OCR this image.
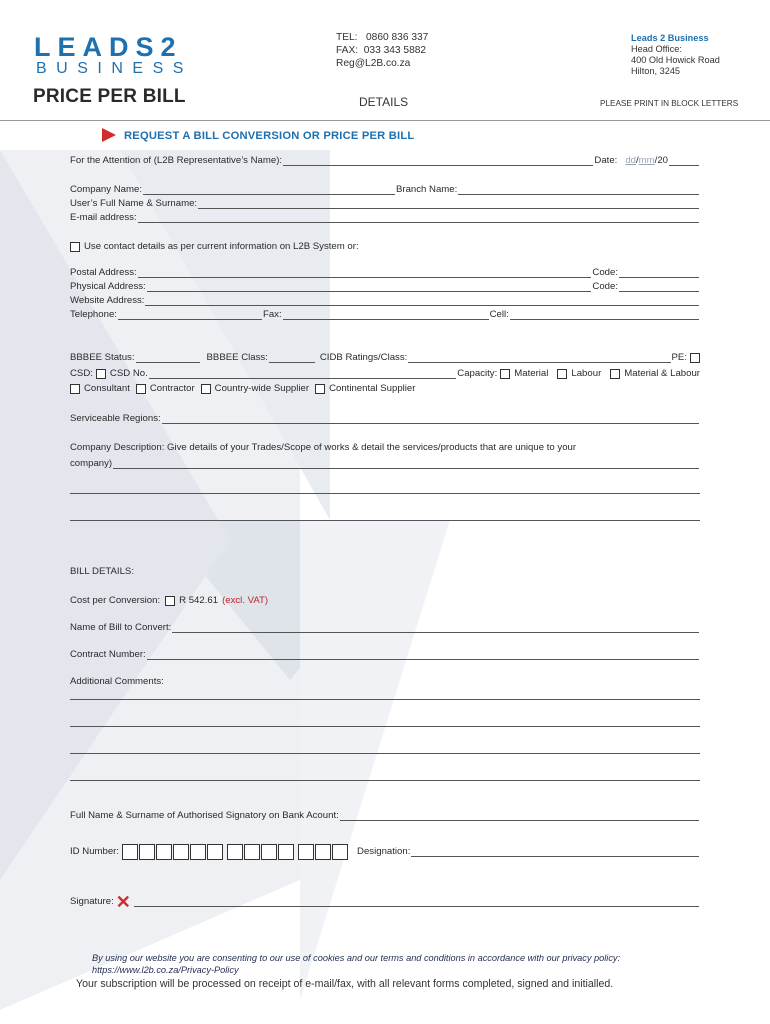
LEADS2
BUSINESS
PRICE PER BILL
TEL: 0860 836 337
FAX: 033 343 5882
Reg@L2B.co.za
Leads 2 Business
Head Office:
400 Old Howick Road
Hilton, 3245
DETAILS	PLEASE PRINT IN BLOCK LETTERS
REQUEST A BILL CONVERSION OR PRICE PER BILL
For the Attention of (L2B Representative’s Name):	Date: dd / mm /20
Company Name:	Branch Name:
User’s Full Name & Surname:
E-mail address:
Use contact details as per current information on L2B System or:
Postal Address:	Code:
Physical Address:	Code:
Website Address:
Telephone:	Fax:	Cell:
BBBEE Status:	BBBEE Class:	CIDB Ratings/Class:	PE:
CSD: CSD No.	Capacity: Material Labour Material & Labour
Consultant Contractor Country-wide Supplier Continental Supplier
Serviceable Regions:
Company Description: Give details of your Trades/Scope of works & detail the services/products that are unique to your
company)
BILL DETAILS:
Cost per Conversion: R 542.61 (excl. VAT)
Name of Bill to Convert:
Contract Number:
Additional Comments:
Full Name & Surname of Authorised Signatory on Bank Acount:
ID Number:	Designation:
Signature: ✕
By using our website you are consenting to our use of cookies and our terms and conditions in accordance with our privacy policy: https://www.l2b.co.za/Privacy-Policy
Your subscription will be processed on receipt of e-mail/fax, with all relevant forms completed, signed and initialled.
